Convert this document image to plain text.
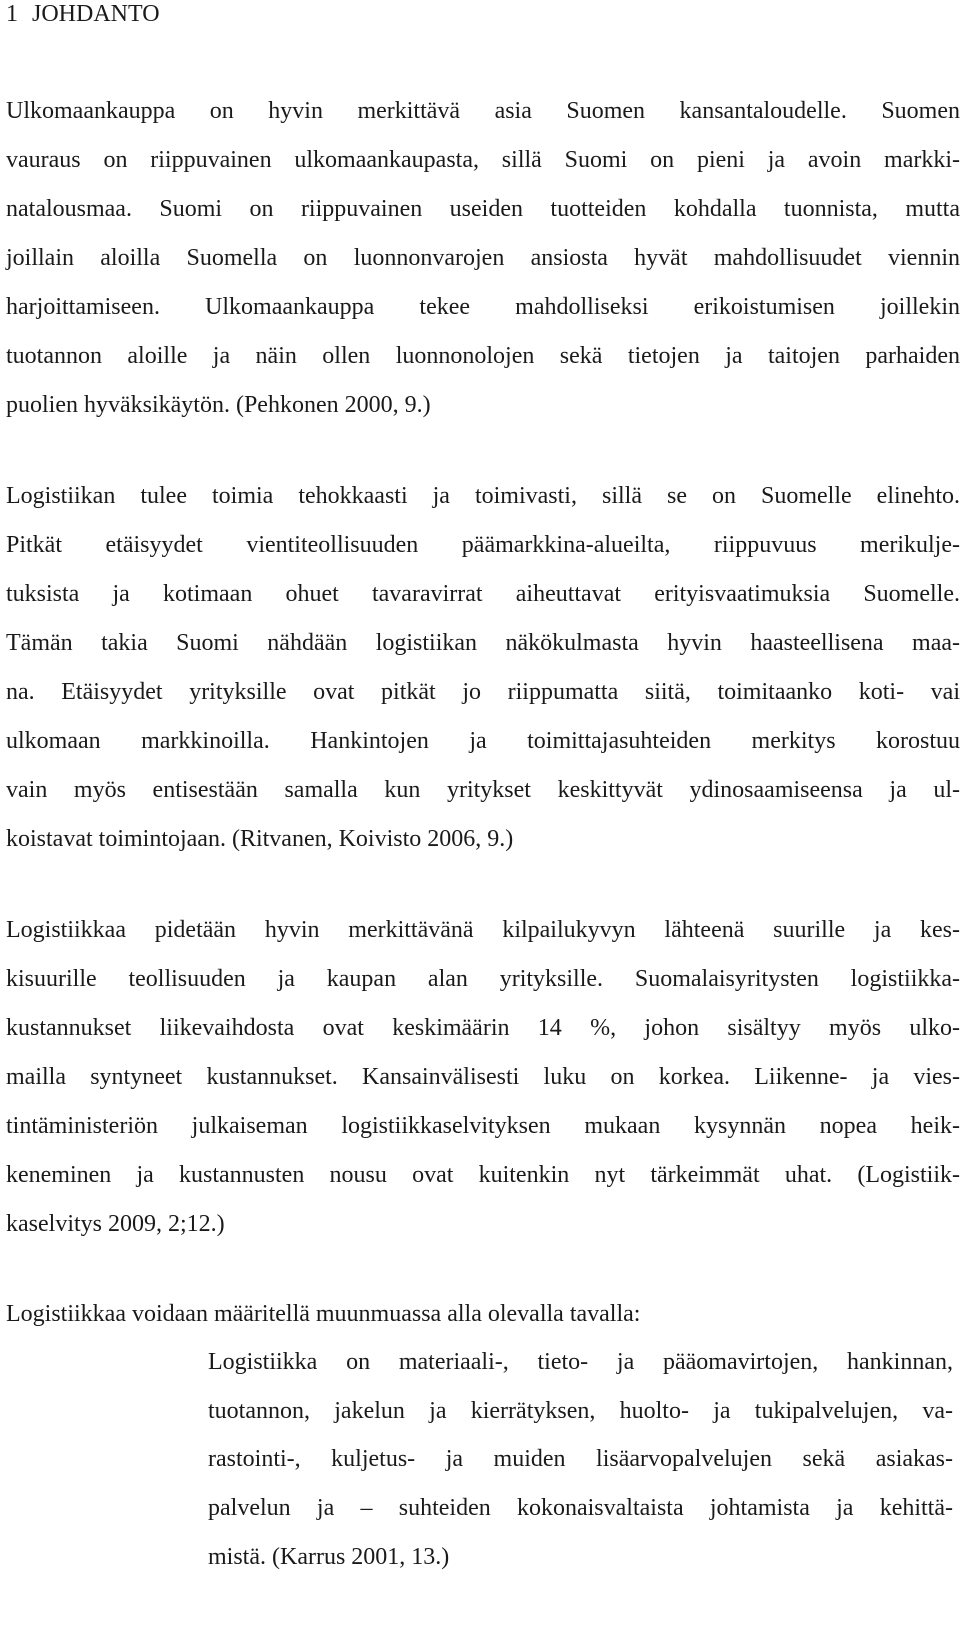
1 JOHDANTO
Ulkomaankauppa on hyvin merkittävä asia Suomen kansantaloudelle. Suomen
vauraus on riippuvainen ulkomaankaupasta, sillä Suomi on pieni ja avoin markki-
natalousmaa. Suomi on riippuvainen useiden tuotteiden kohdalla tuonnista, mutta
joillain aloilla Suomella on luonnonvarojen ansiosta hyvät mahdollisuudet viennin
harjoittamiseen. Ulkomaankauppa tekee mahdolliseksi erikoistumisen joillekin
tuotannon aloille ja näin ollen luonnonolojen sekä tietojen ja taitojen parhaiden
puolien hyväksikäytön. (Pehkonen 2000, 9.)
Logistiikan tulee toimia tehokkaasti ja toimivasti, sillä se on Suomelle elinehto.
Pitkät etäisyydet vientiteollisuuden päämarkkina-alueilta, riippuvuus merikulje-
tuksista ja kotimaan ohuet tavaravirrat aiheuttavat erityisvaatimuksia Suomelle.
Tämän takia Suomi nähdään logistiikan näkökulmasta hyvin haasteellisena maa-
na. Etäisyydet yrityksille ovat pitkät jo riippumatta siitä, toimitaanko koti- vai
ulkomaan markkinoilla. Hankintojen ja toimittajasuhteiden merkitys korostuu
vain myös entisestään samalla kun yritykset keskittyvät ydinosaamiseensa ja ul-
koistavat toimintojaan. (Ritvanen, Koivisto 2006, 9.)
Logistiikkaa pidetään hyvin merkittävänä kilpailukyvyn lähteenä suurille ja kes-
kisuurille teollisuuden ja kaupan alan yrityksille. Suomalaisyritysten logistiikka-
kustannukset liikevaihdosta ovat keskimäärin 14 %, johon sisältyy myös ulko-
mailla syntyneet kustannukset. Kansainvälisesti luku on korkea. Liikenne- ja vies-
tintäministeriön julkaiseman logistiikkaselvityksen mukaan kysynnän nopea heik-
keneminen ja kustannusten nousu ovat kuitenkin nyt tärkeimmät uhat. (Logistiik-
kaselvitys 2009, 2;12.)
Logistiikkaa voidaan määritellä muunmuassa alla olevalla tavalla:
Logistiikka on materiaali-, tieto- ja pääomavirtojen, hankinnan,
tuotannon, jakelun ja kierrätyksen, huolto- ja tukipalvelujen, va-
rastointi-, kuljetus- ja muiden lisäarvopalvelujen sekä asiakas-
palvelun ja – suhteiden kokonaisvaltaista johtamista ja kehittä-
mistä. (Karrus 2001, 13.)
